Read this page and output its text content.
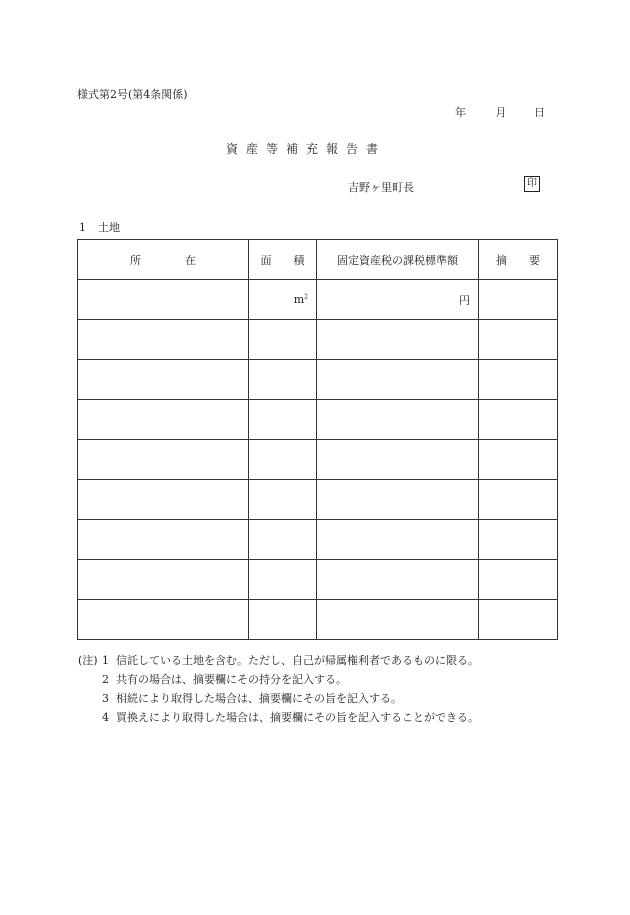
様式第2号(第4条関係)
年	月	日
資産等補充報告書
吉野ヶ里町長	印
1 土地
所　　　　在	面　　積	固定資産税の課税標準額	摘　　要
	$m^2$	円	

(注) 1 信託している土地を含む。ただし、自己が帰属権利者であるものに限る。
2 共有の場合は、摘要欄にその持分を記入する。
3 相続により取得した場合は、摘要欄にその旨を記入する。
4 買換えにより取得した場合は、摘要欄にその旨を記入することができる。
